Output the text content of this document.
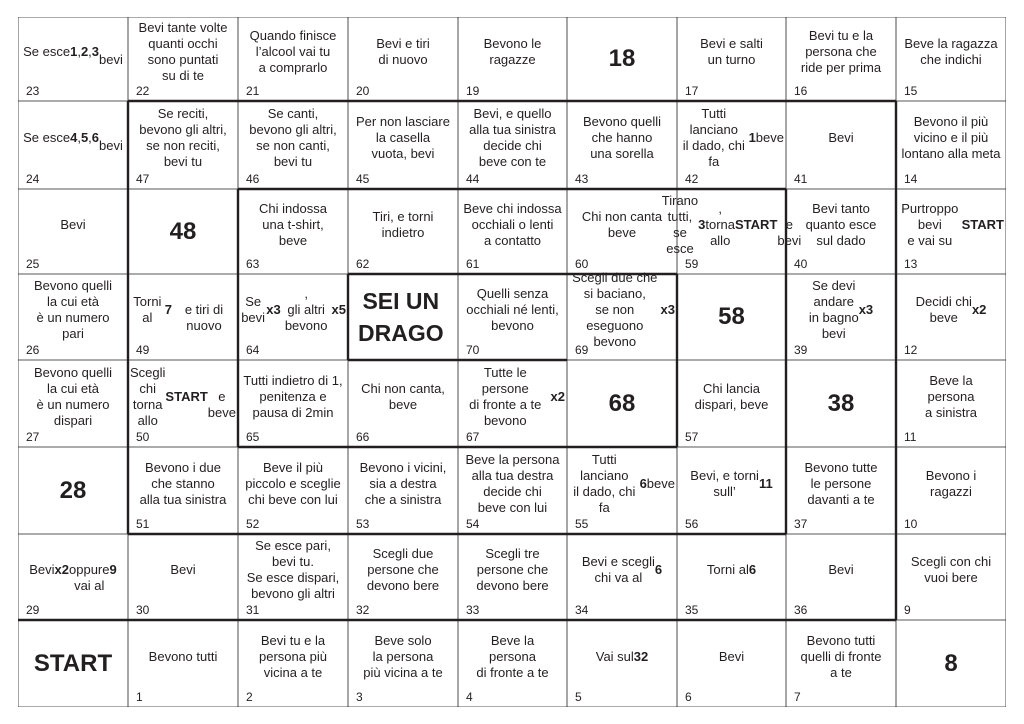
Se esce 1 , 2 , 3

bevi
23
Bevi tante volte
quanti occhi
sono puntati
su di te
22
Quando finisce
l’alcool vai tu
a comprarlo
21
Bevi e tiri
di nuovo
20
Bevono le
ragazze
19
18
Bevi e salti
un turno
17
Bevi tu e la
persona che
ride per prima
16
Beve la ragazza
che indichi
15
Se esce 4 , 5 , 6

bevi
24
Se reciti,
bevono gli altri,
se non reciti,
bevi tu
47
Se canti,
bevono gli altri,
se non canti,
bevi tu
46
Per non lasciare
la casella
vuota, bevi
45
Bevi, e quello
alla tua sinistra
decide chi
beve con te
44
Bevono quelli
che hanno
una sorella
43
Tutti lanciano
il dado, chi
fa
1 beve
42
Bevi
41
Bevono il più
vicino e il più
lontano alla meta
14
Bevi
25
48
Chi indossa
una t-shirt,
beve
63
Tiri, e torni
indietro
62
Beve chi indossa
occhiali o lenti
a contatto
61
Chi non canta
beve
60
Tirano tutti,
se esce
3
,
torna allo
START
e bevi
59
Bevi tanto
quanto esce
sul dado
40
Purtroppo bevi
e vai su

START
13
Bevono quelli
la cui età
è un numero
pari
26
Torni al
7
e tiri di nuovo
49
Se bevi
x3
,
gli altri bevono
x5
64
SEI UN
DRAGO
Quelli senza
occhiali né lenti,
bevono
70
Scegli due che
si baciano,
se non eseguono
bevono
x3
69
58
Se devi
andare
in bagno
bevi
x3
39
Decidi chi
beve
x2
12
Bevono quelli
la cui età
è un numero
dispari
27
Scegli chi torna
allo
START
e beve
50
Tutti indietro di 1,
penitenza e
pausa di 2min
65
Chi non canta,
beve
66
Tutte le persone
di fronte a te
bevono
x2
67
68
Chi lancia
dispari, beve
57
38
Beve la
persona
a sinistra
11
28
Bevono i due
che stanno
alla tua sinistra
51
Beve il più
piccolo e sceglie
chi beve con lui
52
Bevono i vicini,
sia a destra
che a sinistra
53
Beve la persona
alla tua destra
decide chi
beve con lui
54
Tutti lanciano
il dado, chi
fa
6 beve
55
Bevi, e torni
sull’
11
56
Bevono tutte
le persone
davanti a te
37
Bevono i
ragazzi
10
Bevi x2
oppure
vai al
9
29
Bevi
30
Se esce pari,
bevi tu.
Se esce dispari,
bevono gli altri
31
Scegli due
persone che
devono bere
32
Scegli tre
persone che
devono bere
33
Bevi e scegli
chi va al
6
34
Torni al 6
35
Bevi
36
Scegli con chi
vuoi bere
9
START	Bevono tutti
1
Bevi tu e la
persona più
vicina a te
2
Beve solo
la persona
più vicina a te
3
Beve la
persona
di fronte a te
4
Vai sul 32
5
Bevi
6
Bevono tutti
quelli di fronte
a te
7
8
